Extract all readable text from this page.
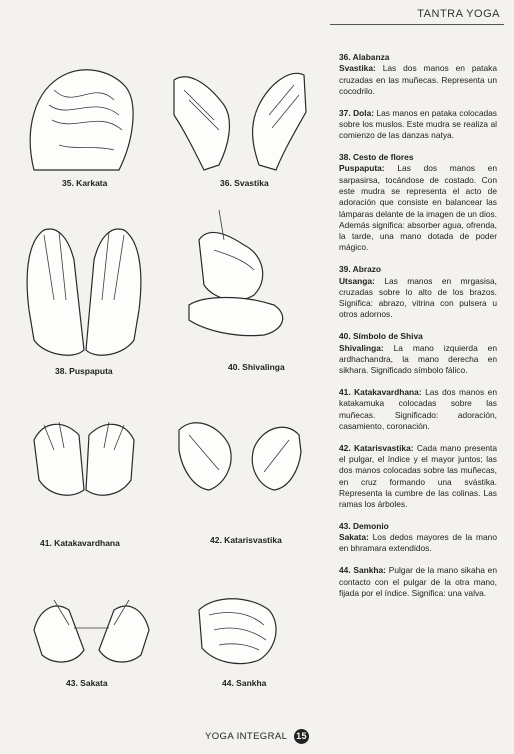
TANTRA YOGA
35. Karkata	36. Svastika
38. Puspaputa	40. Shivalinga
41. Katakavardhana	42. Katarisvastika
43. Sakata	44. Sankha
36. Alabanza
Svastika: Las dos manos en pataka cruzadas en las muñecas. Representa un cocodrilo.
37. Dola: Las manos en pataka colocadas sobre los muslos. Este mudra se realiza al comienzo de las danzas natya.
38. Cesto de flores
Puspaputa: Las dos manos en sarpasirsa, tocándose de costado. Con este mudra se representa el acto de adoración que consiste en balancear las lámparas delante de la imagen de un dios. Además significa: absorber agua, ofrenda, la tarde, una mano dotada de poder mágico.
39. Abrazo
Utsanga: Las manos en mrgasisa, cruzadas sobre lo alto de los brazos. Significa: abrazo, vitrina con pulsera u otros adornos.
40. Símbolo de Shiva
Shivalinga: La mano izquierda en ardhachandra, la mano derecha en sikhara. Significado símbolo fálico.
41. Katakavardhana: Las dos manos en katakamuka colocadas sobre las muñecas. Significado: adoración, casamiento, coronación.
42. Katarisvastika: Cada mano presenta el pulgar, el índice y el mayor juntos; las dos manos colocadas sobre las muñecas, en cruz formando una svástika. Representa la cumbre de las colinas. Las ramas los árboles.
43. Demonio
Sakata: Los dedos mayores de la mano en bhramara extendidos.
44. Sankha: Pulgar de la mano sikaha en contacto con el pulgar de la otra mano, fijada por el índice. Significa: una valva.
YOGA INTEGRAL 15
